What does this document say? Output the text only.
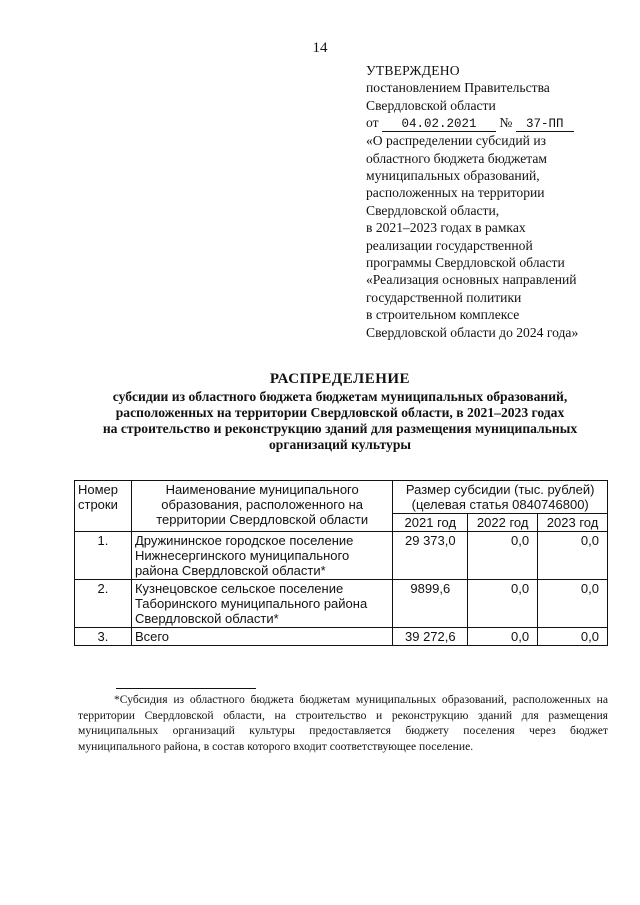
14
УТВЕРЖДЕНО
постановлением Правительства
Свердловской области
от 04.02.2021 № 37-ПП
«О распределении субсидий из
областного бюджета бюджетам
муниципальных образований,
расположенных на территории
Свердловской области,
в 2021–2023 годах в рамках
реализации государственной
программы Свердловской области
«Реализация основных направлений
государственной политики
в строительном комплексе
Свердловской области до 2024 года»
РАСПРЕДЕЛЕНИЕ
субсидии из областного бюджета бюджетам муниципальных образований,
расположенных на территории Свердловской области, в 2021–2023 годах
на строительство и реконструкцию зданий для размещения муниципальных
организаций культуры
Номер строки	Наименование муниципального образования, расположенного на территории Свердловской области	Размер субсидии (тыс. рублей) (целевая статья 0840746800)		
		2021 год	2022 год	2023 год
1.	Дружининское городское поселение Нижнесергинского муниципального района Свердловской области*	29 373,0	0,0	0,0
2.	Кузнецовское сельское поселение Таборинского муниципального района Свердловской области*	9899,6	0,0	0,0
3.	Всего	39 272,6	0,0	0,0
*Субсидия из областного бюджета бюджетам муниципальных образований, расположенных на территории Свердловской области, на строительство и реконструкцию зданий для размещения муниципальных организаций культуры предоставляется бюджету поселения через бюджет муниципального района, в состав которого входит соответствующее поселение.
